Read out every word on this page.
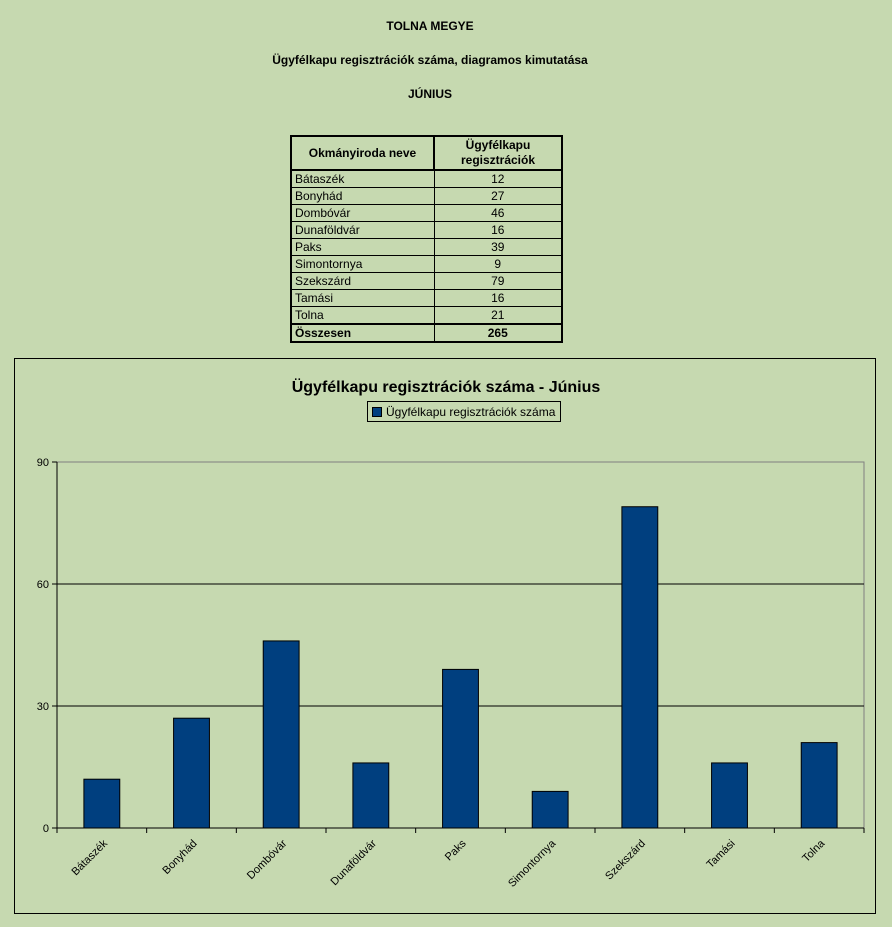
TOLNA MEGYE
Ügyfélkapu regisztrációk száma, diagramos kimutatása
JÚNIUS
Okmányiroda neve	Ügyfélkapu regisztrációk
Bátaszék	12
Bonyhád	27
Dombóvár	46
Dunaföldvár	16
Paks	39
Simontornya	9
Szekszárd	79
Tamási	16
Tolna	21
Összesen	265
0
30
60
90
Bátaszék	Bonyhád	Dombóvár	Dunaföldvár	Paks	Simontornya	Szekszárd	Tamási	Tolna
Ügyfélkapu regisztrációk száma - Június
Ügyfélkapu regisztrációk száma
